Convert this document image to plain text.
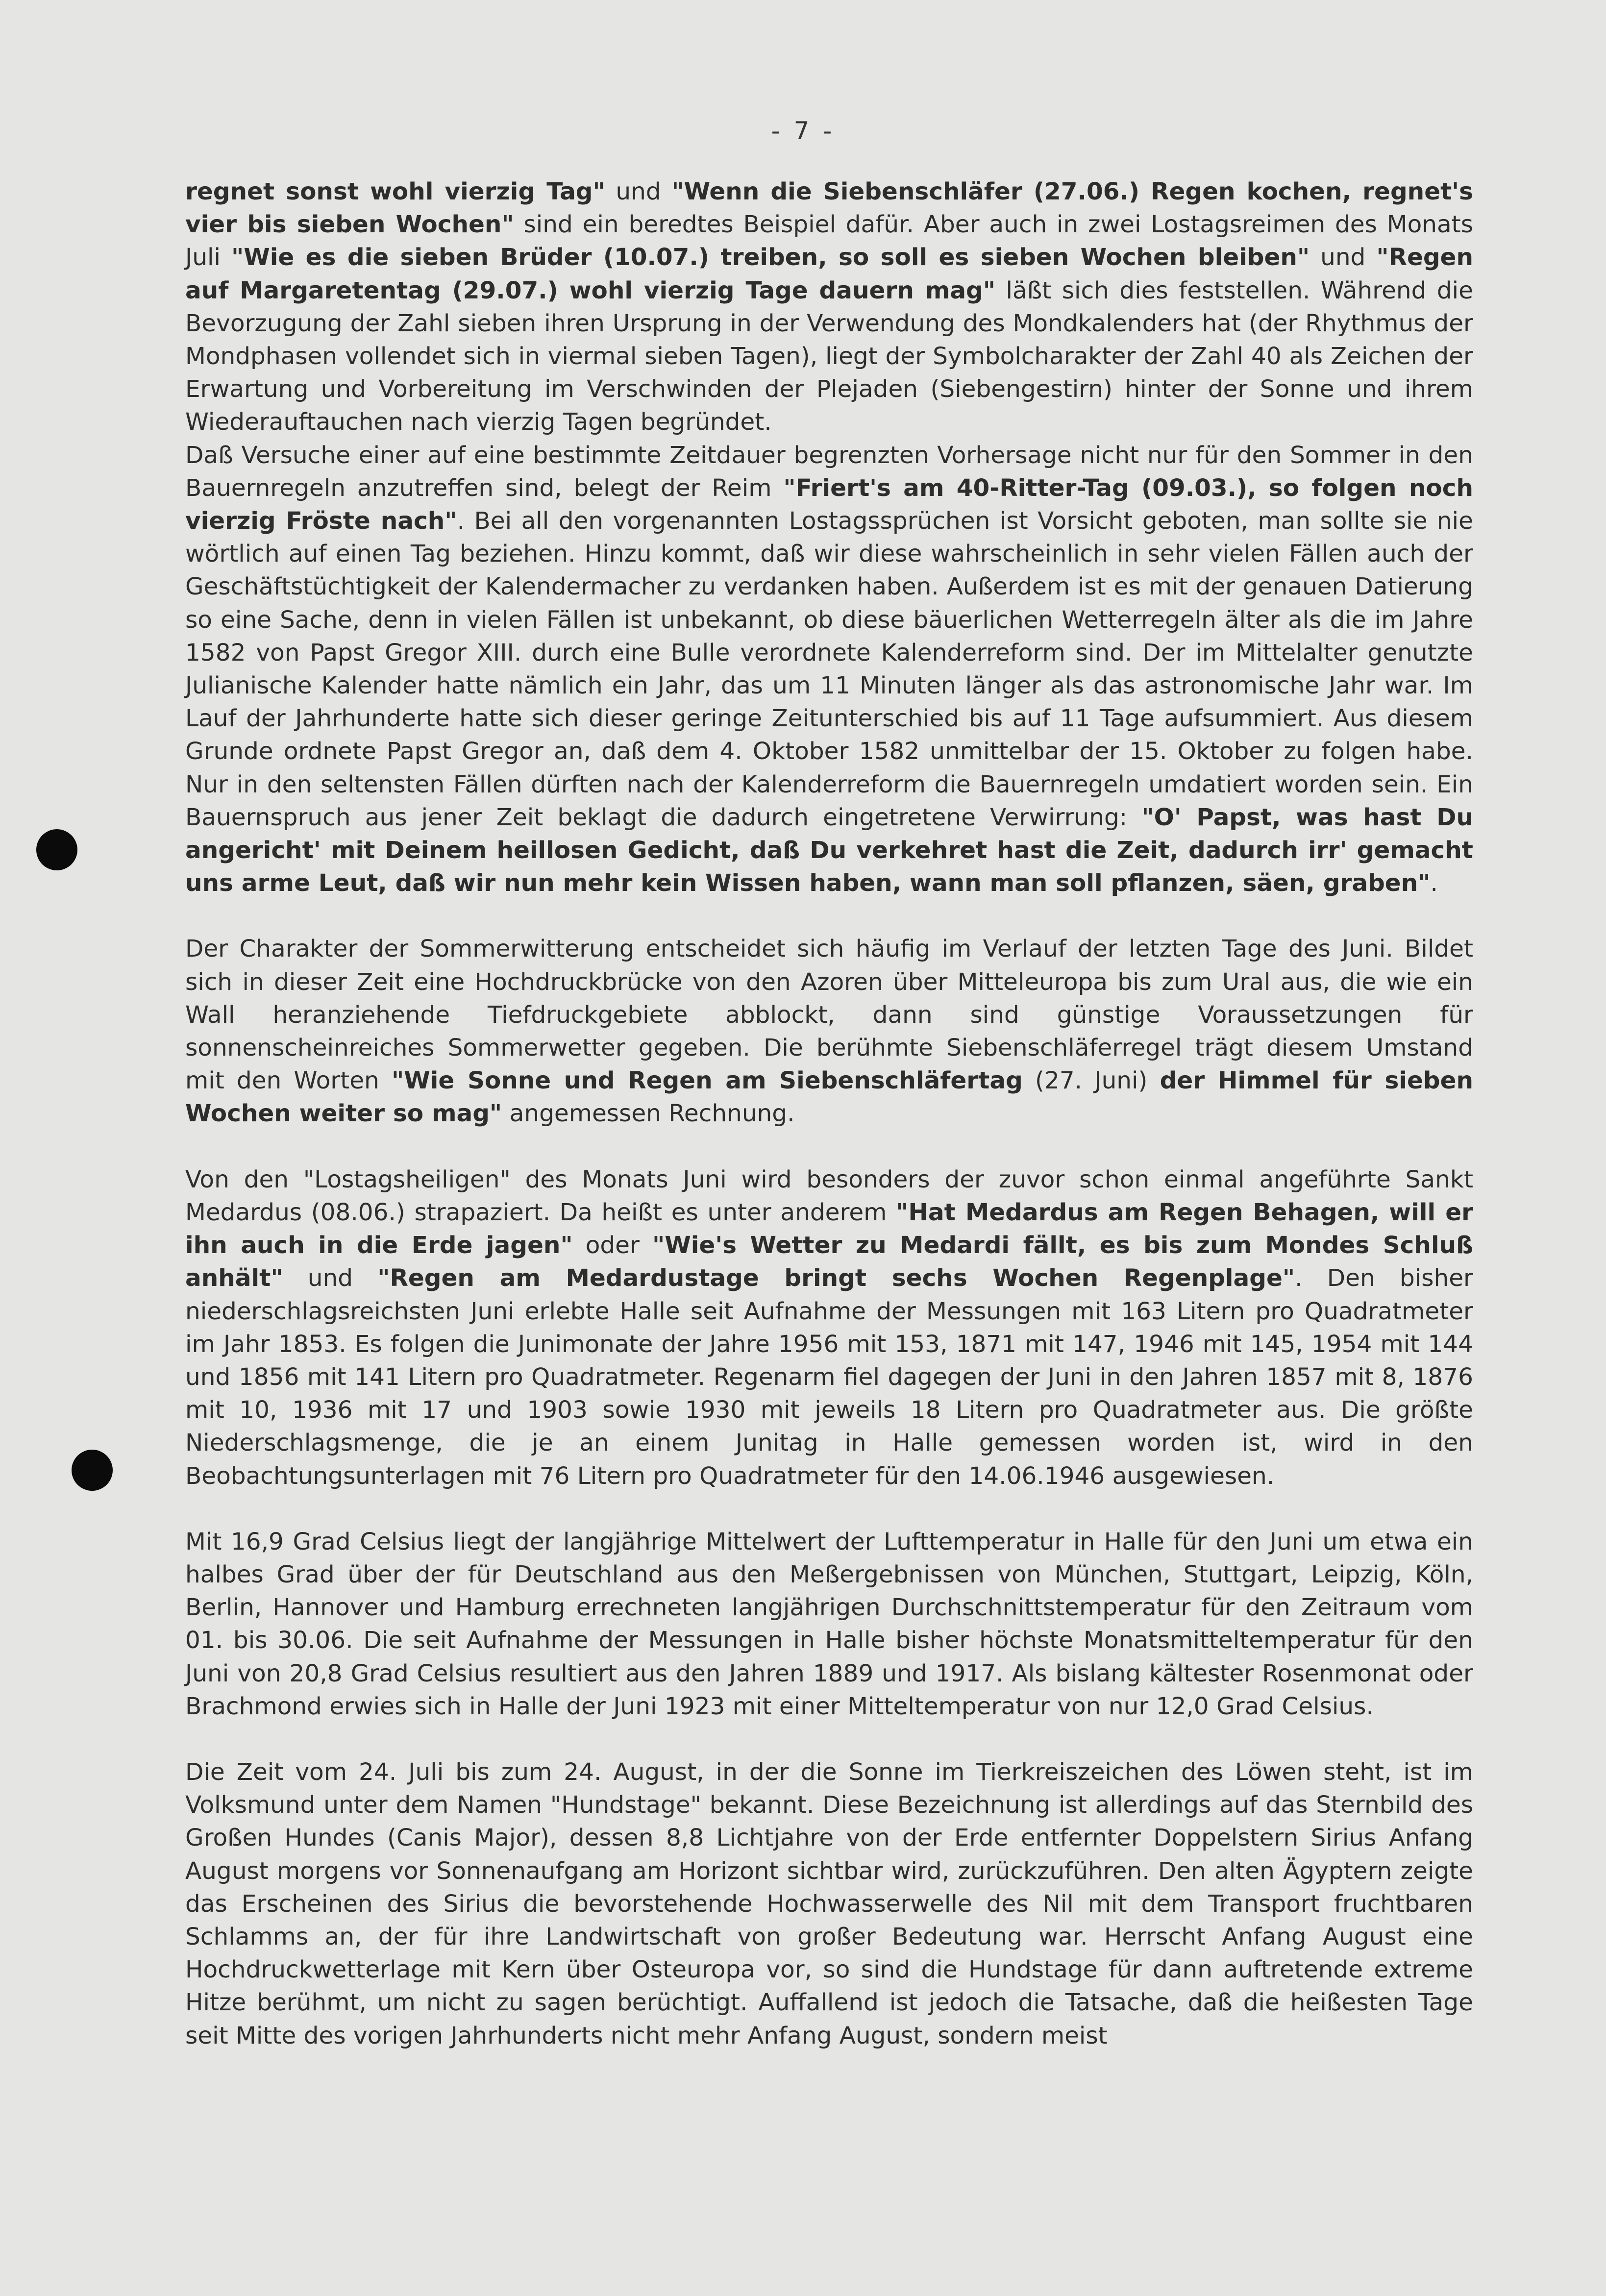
- 7 -

regnet sonst wohl vierzig Tag" und "Wenn die Siebenschläfer (27.06.) Regen kochen, regnet's vier bis sieben Wochen" sind ein beredtes Beispiel dafür. Aber auch in zwei Lostagsreimen des Monats Juli "Wie es die sieben Brüder (10.07.) treiben, so soll es sieben Wochen bleiben" und "Regen auf Margaretentag (29.07.) wohl vierzig Tage dauern mag" läßt sich dies feststellen. Während die Bevorzugung der Zahl sieben ihren Ursprung in der Verwendung des Mondkalenders hat (der Rhythmus der Mondphasen vollendet sich in viermal sieben Tagen), liegt der Symbolcharakter der Zahl 40 als Zeichen der Erwartung und Vorbereitung im Verschwinden der Plejaden (Siebengestirn) hinter der Sonne und ihrem Wiederauftauchen nach vierzig Tagen begründet.

Daß Versuche einer auf eine bestimmte Zeitdauer begrenzten Vorhersage nicht nur für den Sommer in den Bauernregeln anzutreffen sind, belegt der Reim "Friert's am 40-Ritter-Tag (09.03.), so folgen noch vierzig Fröste nach". Bei all den vorgenannten Lostagssprüchen ist Vorsicht geboten, man sollte sie nie wörtlich auf einen Tag beziehen. Hinzu kommt, daß wir diese wahrscheinlich in sehr vielen Fällen auch der Geschäftstüchtigkeit der Kalendermacher zu verdanken haben. Außerdem ist es mit der genauen Datierung so eine Sache, denn in vielen Fällen ist unbekannt, ob diese bäuerlichen Wetterregeln älter als die im Jahre 1582 von Papst Gregor XIII. durch eine Bulle verordnete Kalenderreform sind. Der im Mittelalter genutzte Julianische Kalender hatte nämlich ein Jahr, das um 11 Minuten länger als das astronomische Jahr war. Im Lauf der Jahrhunderte hatte sich dieser geringe Zeitunterschied bis auf 11 Tage aufsummiert. Aus diesem Grunde ordnete Papst Gregor an, daß dem 4. Oktober 1582 unmittelbar der 15. Oktober zu folgen habe. Nur in den seltensten Fällen dürften nach der Kalenderreform die Bauernregeln umdatiert worden sein. Ein Bauernspruch aus jener Zeit beklagt die dadurch eingetretene Verwirrung: "O' Papst, was hast Du angericht' mit Deinem heillosen Gedicht, daß Du verkehret hast die Zeit, dadurch irr' gemacht uns arme Leut, daß wir nun mehr kein Wissen haben, wann man soll pflanzen, säen, graben".

Der Charakter der Sommerwitterung entscheidet sich häufig im Verlauf der letzten Tage des Juni. Bildet sich in dieser Zeit eine Hochdruckbrücke von den Azoren über Mitteleuropa bis zum Ural aus, die wie ein Wall heranziehende Tiefdruckgebiete abblockt, dann sind günstige Voraussetzungen für sonnenscheinreiches Sommerwetter gegeben. Die berühmte Siebenschläferregel trägt diesem Umstand mit den Worten "Wie Sonne und Regen am Siebenschläfertag (27. Juni) der Himmel für sieben Wochen weiter so mag" angemessen Rechnung.

Von den "Lostagsheiligen" des Monats Juni wird besonders der zuvor schon einmal angeführte Sankt Medardus (08.06.) strapaziert. Da heißt es unter anderem "Hat Medardus am Regen Behagen, will er ihn auch in die Erde jagen" oder "Wie's Wetter zu Medardi fällt, es bis zum Mondes Schluß anhält" und "Regen am Medardustage bringt sechs Wochen Regenplage". Den bisher niederschlagsreichsten Juni erlebte Halle seit Aufnahme der Messungen mit 163 Litern pro Quadratmeter im Jahr 1853. Es folgen die Junimonate der Jahre 1956 mit 153, 1871 mit 147, 1946 mit 145, 1954 mit 144 und 1856 mit 141 Litern pro Quadratmeter. Regenarm fiel dagegen der Juni in den Jahren 1857 mit 8, 1876 mit 10, 1936 mit 17 und 1903 sowie 1930 mit jeweils 18 Litern pro Quadratmeter aus. Die größte Niederschlagsmenge, die je an einem Junitag in Halle gemessen worden ist, wird in den Beobachtungsunterlagen mit 76 Litern pro Quadratmeter für den 14.06.1946 ausgewiesen.

Mit 16,9 Grad Celsius liegt der langjährige Mittelwert der Lufttemperatur in Halle für den Juni um etwa ein halbes Grad über der für Deutschland aus den Meßergebnissen von München, Stuttgart, Leipzig, Köln, Berlin, Hannover und Hamburg errechneten langjährigen Durchschnittstemperatur für den Zeitraum vom 01. bis 30.06. Die seit Aufnahme der Messungen in Halle bisher höchste Monatsmitteltemperatur für den Juni von 20,8 Grad Celsius resultiert aus den Jahren 1889 und 1917. Als bislang kältester Rosenmonat oder Brachmond erwies sich in Halle der Juni 1923 mit einer Mitteltemperatur von nur 12,0 Grad Celsius.

Die Zeit vom 24. Juli bis zum 24. August, in der die Sonne im Tierkreiszeichen des Löwen steht, ist im Volksmund unter dem Namen "Hundstage" bekannt. Diese Bezeichnung ist allerdings auf das Sternbild des Großen Hundes (Canis Major), dessen 8,8 Lichtjahre von der Erde entfernter Doppelstern Sirius Anfang August morgens vor Sonnenaufgang am Horizont sichtbar wird, zurückzuführen. Den alten Ägyptern zeigte das Erscheinen des Sirius die bevorstehende Hochwasserwelle des Nil mit dem Transport fruchtbaren Schlamms an, der für ihre Landwirtschaft von großer Bedeutung war. Herrscht Anfang August eine Hochdruckwetterlage mit Kern über Osteuropa vor, so sind die Hundstage für dann auftretende extreme Hitze berühmt, um nicht zu sagen berüchtigt. Auffallend ist jedoch die Tatsache, daß die heißesten Tage seit Mitte des vorigen Jahrhunderts nicht mehr Anfang August, sondern meist
